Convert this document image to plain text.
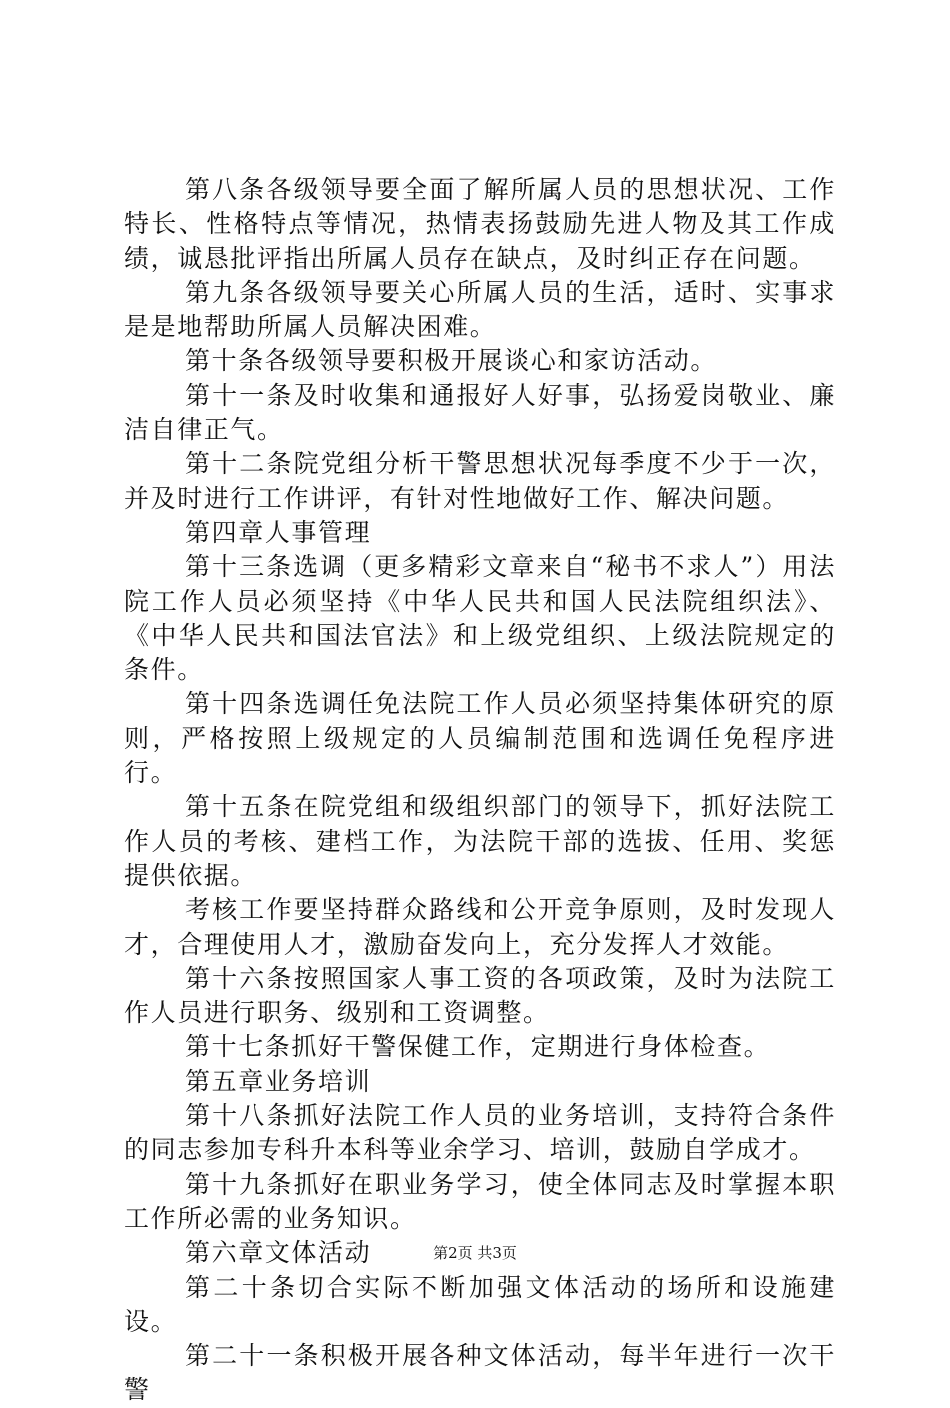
第八条各级领导要全面了解所属人员的思想状况、工作特长、性格特点等情况，热情表扬鼓励先进人物及其工作成绩，诚恳批评指出所属人员存在缺点，及时纠正存在问题。

第九条各级领导要关心所属人员的生活，适时、实事求是是地帮助所属人员解决困难。

第十条各级领导要积极开展谈心和家访活动。

第十一条及时收集和通报好人好事，弘扬爱岗敬业、廉洁自律正气。

第十二条院党组分析干警思想状况每季度不少于一次，并及时进行工作讲评，有针对性地做好工作、解决问题。

第四章人事管理

第十三条选调（更多精彩文章来自“秘书不求人”）用法院工作人员必须坚持《中华人民共和国人民法院组织法》、《中华人民共和国法官法》和上级党组织、上级法院规定的条件。

第十四条选调任免法院工作人员必须坚持集体研究的原则，严格按照上级规定的人员编制范围和选调任免程序进行。

第十五条在院党组和级组织部门的领导下，抓好法院工作人员的考核、建档工作，为法院干部的选拔、任用、奖惩提供依据。

考核工作要坚持群众路线和公开竞争原则，及时发现人才，合理使用人才，激励奋发向上，充分发挥人才效能。

第十六条按照国家人事工资的各项政策，及时为法院工作人员进行职务、级别和工资调整。

第十七条抓好干警保健工作，定期进行身体检查。

第五章业务培训

第十八条抓好法院工作人员的业务培训，支持符合条件的同志参加专科升本科等业余学习、培训，鼓励自学成才。

第十九条抓好在职业务学习，使全体同志及时掌握本职工作所必需的业务知识。

第六章文体活动

第二十条切合实际不断加强文体活动的场所和设施建设。

第二十一条积极开展各种文体活动，每半年进行一次干警

第2页 共3页
